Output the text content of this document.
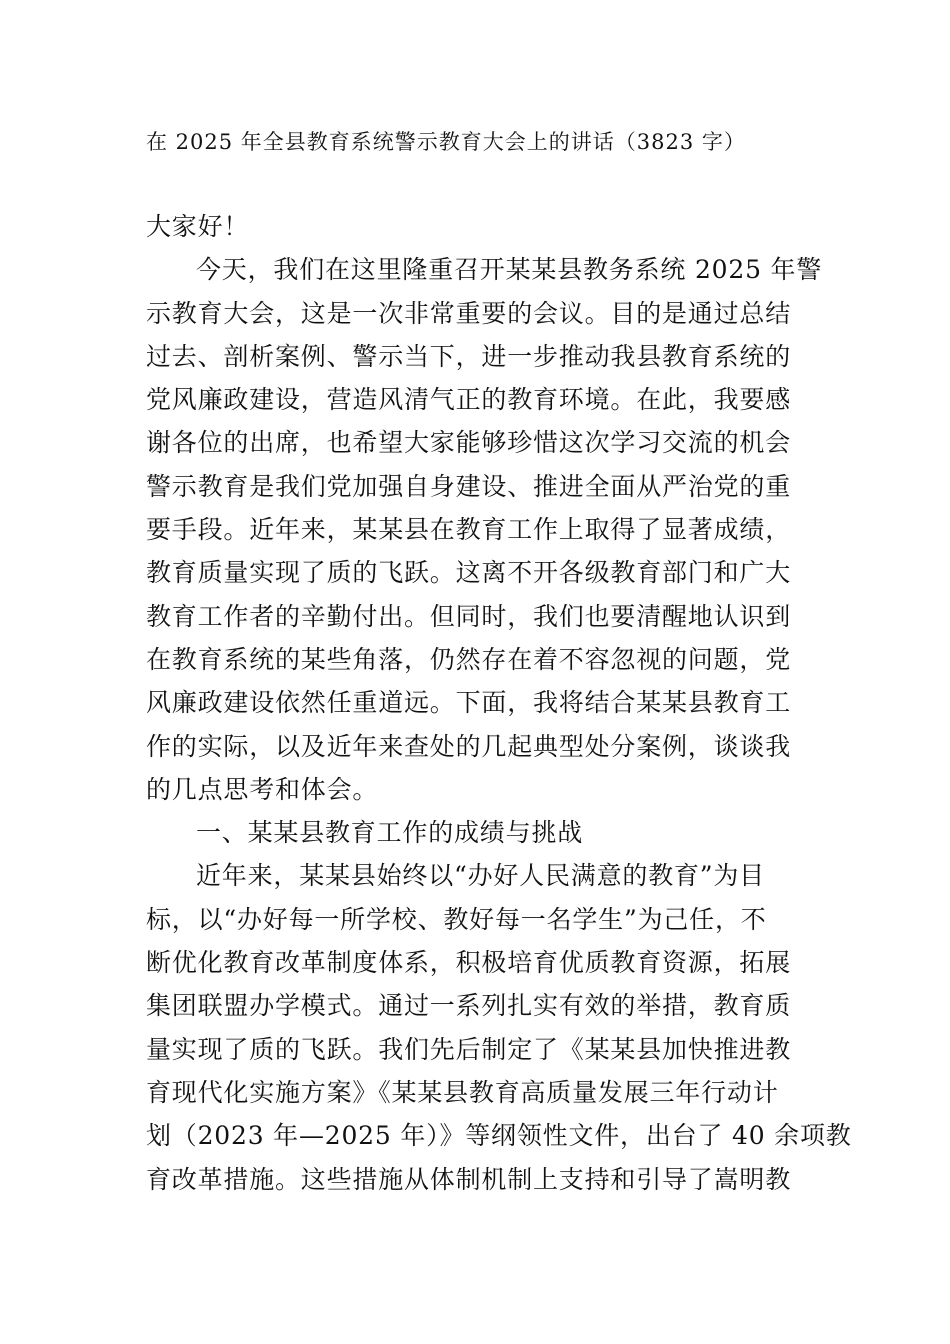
在 2025 年全县教育系统警示教育大会上的讲话（3823 字）
大家好！
今天，我们在这里隆重召开某某县教务系统 2025 年警
示教育大会，这是一次非常重要的会议。目的是通过总结
过去、剖析案例、警示当下，进一步推动我县教育系统的
党风廉政建设，营造风清气正的教育环境。在此，我要感
谢各位的出席，也希望大家能够珍惜这次学习交流的机会
警示教育是我们党加强自身建设、推进全面从严治党的重
要手段。近年来，某某县在教育工作上取得了显著成绩，
教育质量实现了质的飞跃。这离不开各级教育部门和广大
教育工作者的辛勤付出。但同时，我们也要清醒地认识到
在教育系统的某些角落，仍然存在着不容忽视的问题，党
风廉政建设依然任重道远。下面，我将结合某某县教育工
作的实际，以及近年来查处的几起典型处分案例，谈谈我
的几点思考和体会。
一、某某县教育工作的成绩与挑战
近年来，某某县始终以“办好人民满意的教育”为目
标，以“办好每一所学校、教好每一名学生”为己任，不
断优化教育改革制度体系，积极培育优质教育资源，拓展
集团联盟办学模式。通过一系列扎实有效的举措，教育质
量实现了质的飞跃。我们先后制定了《某某县加快推进教
育现代化实施方案》《某某县教育高质量发展三年行动计
划（2023 年—2025 年）》等纲领性文件，出台了 40 余项教
育改革措施。这些措施从体制机制上支持和引导了嵩明教
